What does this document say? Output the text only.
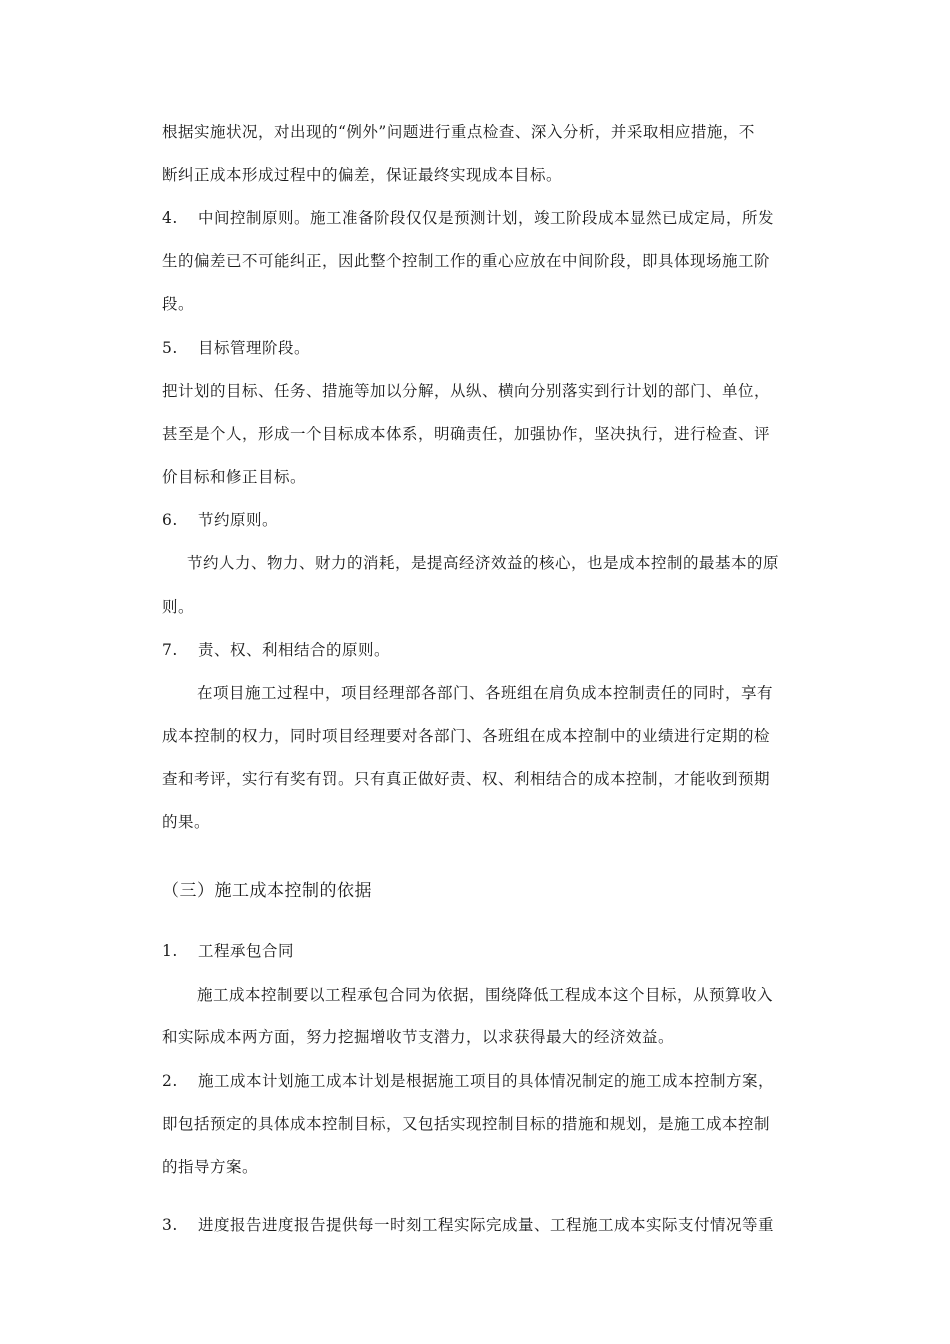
根据实施状况，对出现的“例外”问题进行重点检查、深入分析，并采取相应措施，不
断纠正成本形成过程中的偏差，保证最终实现成本目标。
4. 中间控制原则。施工准备阶段仅仅是预测计划，竣工阶段成本显然已成定局，所发
生的偏差已不可能纠正，因此整个控制工作的重心应放在中间阶段，即具体现场施工阶
段。
5. 目标管理阶段。
把计划的目标、任务、措施等加以分解，从纵、横向分别落实到行计划的部门、单位，
甚至是个人，形成一个目标成本体系，明确责任，加强协作，坚决执行，进行检查、评
价目标和修正目标。
6. 节约原则。
节约人力、物力、财力的消耗，是提高经济效益的核心，也是成本控制的最基本的原
则。
7. 责、权、利相结合的原则。
在项目施工过程中，项目经理部各部门、各班组在肩负成本控制责任的同时，享有
成本控制的权力，同时项目经理要对各部门、各班组在成本控制中的业绩进行定期的检
查和考评，实行有奖有罚。只有真正做好责、权、利相结合的成本控制，才能收到预期
的果。
（三）施工成本控制的依据
1. 工程承包合同
施工成本控制要以工程承包合同为依据，围绕降低工程成本这个目标，从预算收入
和实际成本两方面，努力挖掘增收节支潜力，以求获得最大的经济效益。
2. 施工成本计划施工成本计划是根据施工项目的具体情况制定的施工成本控制方案，
即包括预定的具体成本控制目标，又包括实现控制目标的措施和规划，是施工成本控制
的指导方案。
3. 进度报告进度报告提供每一时刻工程实际完成量、工程施工成本实际支付情况等重
